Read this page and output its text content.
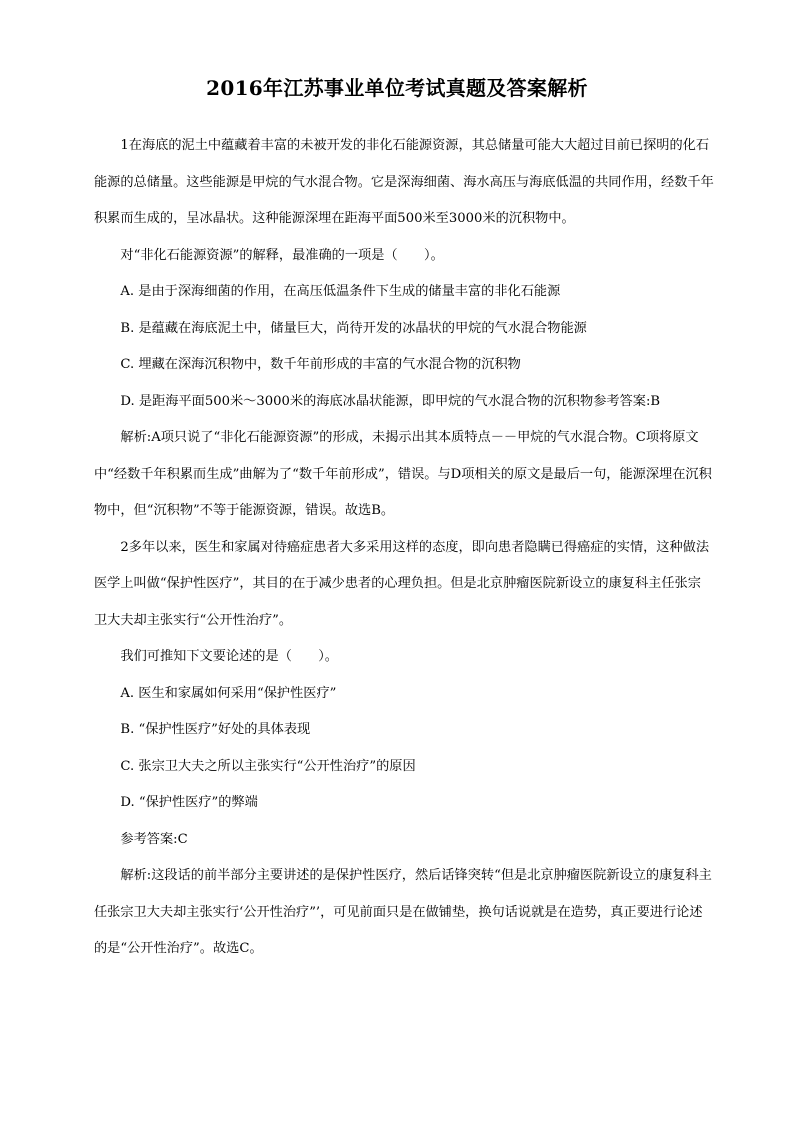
2016年江苏事业单位考试真题及答案解析

1在海底的泥土中蕴藏着丰富的未被开发的非化石能源资源，其总储量可能大大超过目前已探明的化石能源的总储量。这些能源是甲烷的气水混合物。它是深海细菌、海水高压与海底低温的共同作用，经数千年积累而生成的，呈冰晶状。这种能源深埋在距海平面500米至3000米的沉积物中。

对“非化石能源资源”的解释，最准确的一项是（　　）。

A. 是由于深海细菌的作用，在高压低温条件下生成的储量丰富的非化石能源

B. 是蕴藏在海底泥土中，储量巨大，尚待开发的冰晶状的甲烷的气水混合物能源

C. 埋藏在深海沉积物中，数千年前形成的丰富的气水混合物的沉积物

D. 是距海平面500米～3000米的海底冰晶状能源，即甲烷的气水混合物的沉积物参考答案:B

解析:A项只说了“非化石能源资源”的形成，未揭示出其本质特点－－甲烷的气水混合物。C项将原文中“经数千年积累而生成”曲解为了“数千年前形成”，错误。与D项相关的原文是最后一句，能源深埋在沉积物中，但“沉积物”不等于能源资源，错误。故选B。

2多年以来，医生和家属对待癌症患者大多采用这样的态度，即向患者隐瞒已得癌症的实情，这种做法医学上叫做“保护性医疗”，其目的在于减少患者的心理负担。但是北京肿瘤医院新设立的康复科主任张宗卫大夫却主张实行“公开性治疗”。

我们可推知下文要论述的是（　　）。

A. 医生和家属如何采用“保护性医疗”

B. “保护性医疗”好处的具体表现

C. 张宗卫大夫之所以主张实行“公开性治疗”的原因

D. “保护性医疗”的弊端

参考答案:C

解析:这段话的前半部分主要讲述的是保护性医疗，然后话锋突转“但是北京肿瘤医院新设立的康复科主任张宗卫大夫却主张实行‘公开性治疗”’，可见前面只是在做铺垫，换句话说就是在造势，真正要进行论述的是“公开性治疗”。故选C。
